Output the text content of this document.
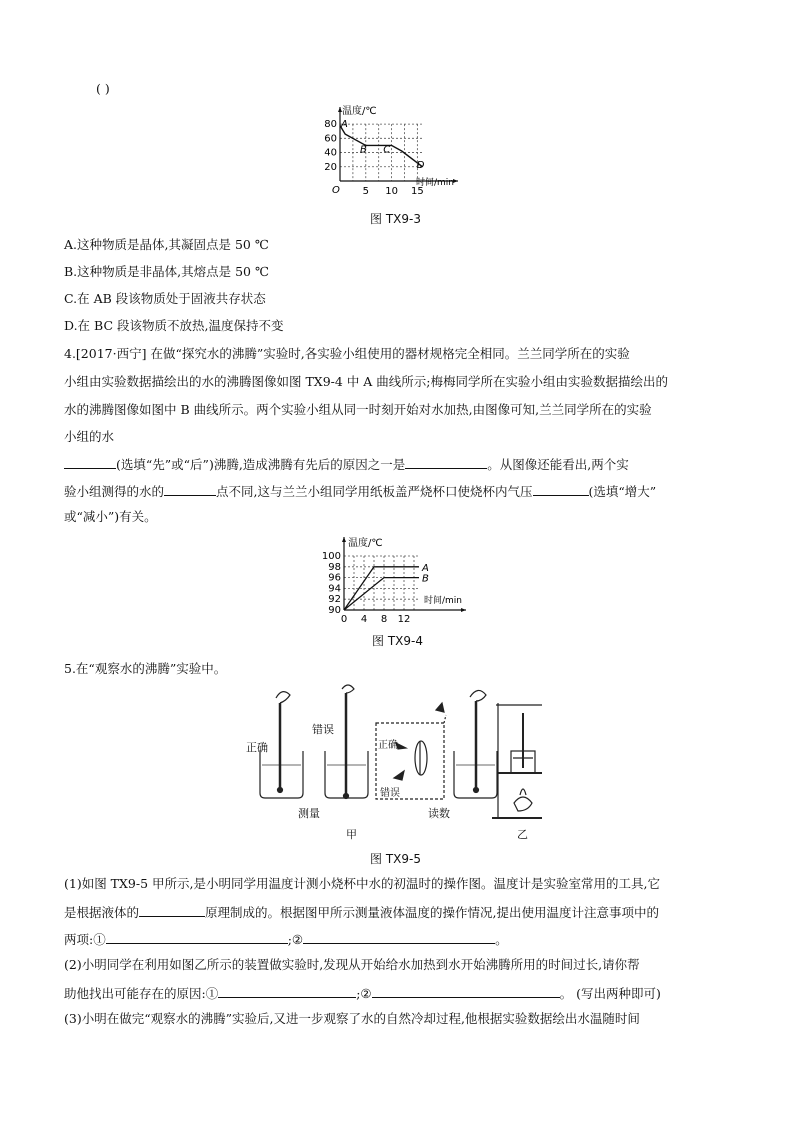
( )
温度/℃
时间/min
O
80
60
40
20
5 10 15
A
B C
D
图 TX9-3
A.这种物质是晶体,其凝固点是 50 ℃
B.这种物质是非晶体,其熔点是 50 ℃
C.在 AB 段该物质处于固液共存状态
D.在 BC 段该物质不放热,温度保持不变
4.[2017·西宁] 在做“探究水的沸腾”实验时,各实验小组使用的器材规格完全相同。兰兰同学所在的实验
小组由实验数据描绘出的水的沸腾图像如图 TX9-4 中 A 曲线所示;梅梅同学所在实验小组由实验数据描绘出的
水的沸腾图像如图中 B 曲线所示。两个实验小组从同一时刻开始对水加热,由图像可知,兰兰同学所在的实验
小组的水
(选填“先”或“后”)沸腾,造成沸腾有先后的原因之一是	。从图像还能看出,两个实
验小组测得的水的	点不同,这与兰兰小组同学用纸板盖严烧杯口使烧杯内气压	(选填“增大”
或“减小”)有关。
A
B
温度/℃
时间/min
100
98
96
94
92
90
0 4 8 12
图 TX9-4
5.在“观察水的沸腾”实验中。
正确
错误
正确
错误
测量	读数
甲	乙
图 TX9-5
(1)如图 TX9-5 甲所示,是小明同学用温度计测小烧杯中水的初温时的操作图。温度计是实验室常用的工具,它
是根据液体的	原理制成的。根据图甲所示测量液体温度的操作情况,提出使用温度计注意事项中的
两项:①	;②	。
(2)小明同学在利用如图乙所示的装置做实验时,发现从开始给水加热到水开始沸腾所用的时间过长,请你帮
助他找出可能存在的原因:①	;②	。 (写出两种即可)
(3)小明在做完“观察水的沸腾”实验后,又进一步观察了水的自然冷却过程,他根据实验数据绘出水温随时间
